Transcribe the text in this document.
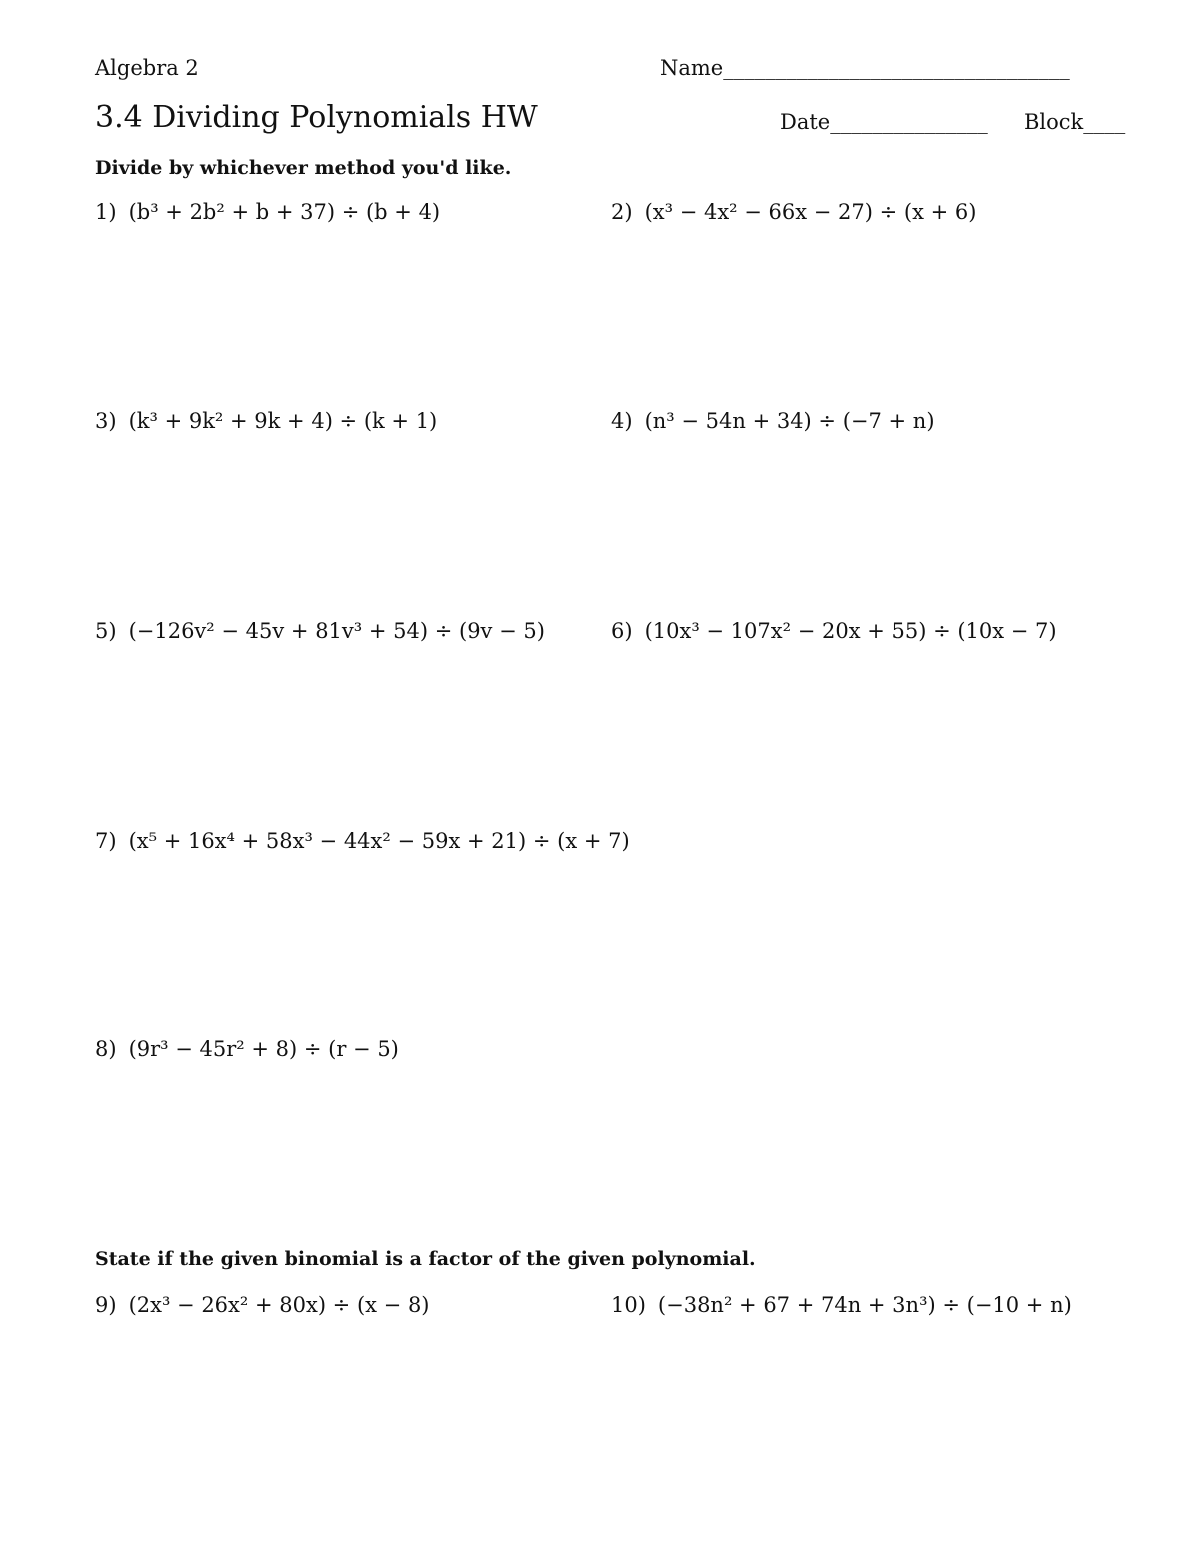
Algebra 2	Name_________________________________
3.4 Dividing Polynomials HW	Date_______________ Block____
Divide by whichever method you'd like.
1) (b³ + 2b² + b + 37) ÷ (b + 4)	2) (x³ − 4x² − 66x − 27) ÷ (x + 6)
3) (k³ + 9k² + 9k + 4) ÷ (k + 1)	4) (n³ − 54n + 34) ÷ (−7 + n)
5) (−126v² − 45v + 81v³ + 54) ÷ (9v − 5)	6) (10x³ − 107x² − 20x + 55) ÷ (10x − 7)
7) (x⁵ + 16x⁴ + 58x³ − 44x² − 59x + 21) ÷ (x + 7)
8) (9r³ − 45r² + 8) ÷ (r − 5)
State if the given binomial is a factor of the given polynomial.
9) (2x³ − 26x² + 80x) ÷ (x − 8)	10) (−38n² + 67 + 74n + 3n³) ÷ (−10 + n)
